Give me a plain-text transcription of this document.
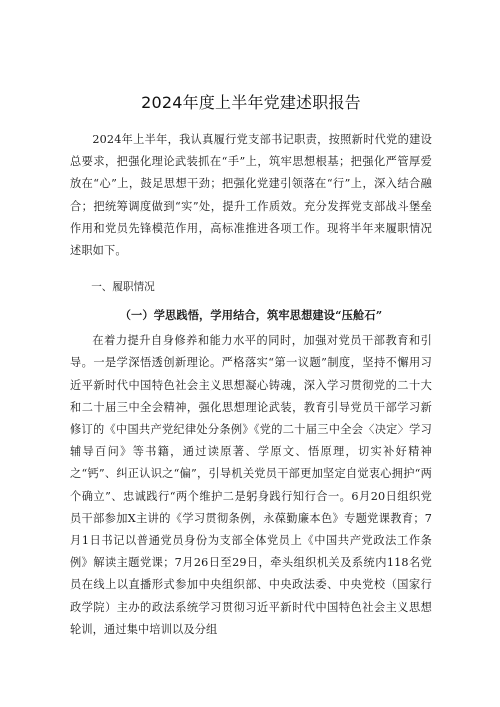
2024年度上半年党建述职报告

2024年上半年，我认真履行党支部书记职责，按照新时代党的建设总要求，把强化理论武装抓在“手”上，筑牢思想根基；把强化严管厚爱放在“心”上，鼓足思想干劲；把强化党建引领落在“行”上，深入结合融合；把统筹调度做到“实”处，提升工作质效。充分发挥党支部战斗堡垒作用和党员先锋模范作用，高标准推进各项工作。现将半年来履职情况述职如下。

一、履职情况

（一）学思践悟，学用结合，筑牢思想建设“压舱石”

在着力提升自身修养和能力水平的同时，加强对党员干部教育和引导。一是学深悟透创新理论。严格落实“第一议题”制度，坚持不懈用习近平新时代中国特色社会主义思想凝心铸魂，深入学习贯彻党的二十大和二十届三中全会精神，强化思想理论武装，教育引导党员干部学习新修订的《中国共产党纪律处分条例》《党的二十届三中全会〈决定〉学习辅导百问》等书籍，通过读原著、学原文、悟原理，切实补好精神之“钙”、纠正认识之“偏”，引导机关党员干部更加坚定自觉衷心拥护“两个确立”、忠诚践行“两个维护二是躬身践行知行合一。6月20日组织党员干部参加X主讲的《学习贯彻条例，永葆勤廉本色》专题党课教育；7月1日书记以普通党员身份为支部全体党员上《中国共产党政法工作条例》解读主题党课；7月26日至29日，牵头组织机关及系统内118名党员在线上以直播形式参加中央组织部、中央政法委、中央党校（国家行政学院）主办的政法系统学习贯彻习近平新时代中国特色社会主义思想轮训，通过集中培训以及分组
